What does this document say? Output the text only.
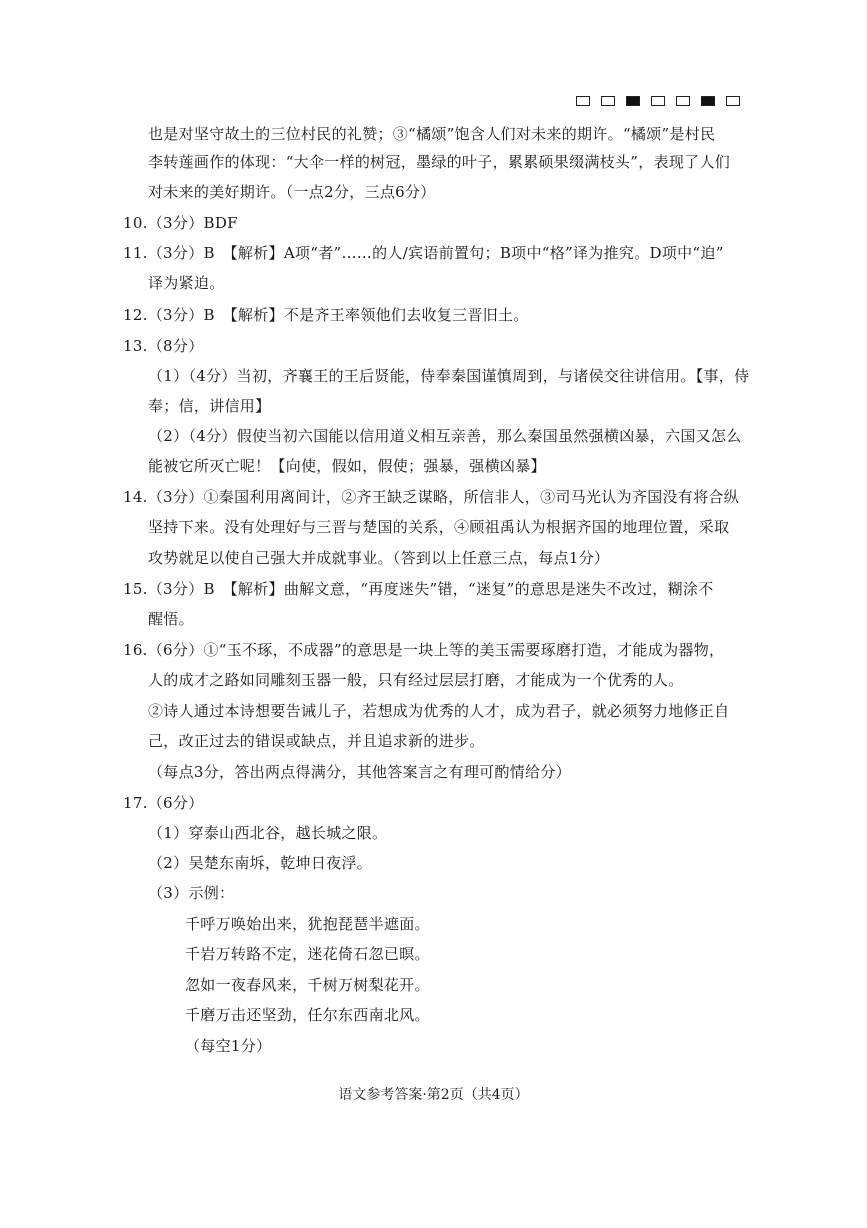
也是对坚守故土的三位村民的礼赞；③“橘颂”饱含人们对未来的期许。“橘颂”是村民
李转莲画作的体现：“大伞一样的树冠，墨绿的叶子，累累硕果缀满枝头”，表现了人们
对未来的美好期许。（一点2分，三点6分）
10.（3分）BDF
11.（3分）B　【解析】A项“者”……的人/宾语前置句；B项中“格”译为推究。D项中“迫”
译为紧迫。
12.（3分）B　【解析】不是齐王率领他们去收复三晋旧土。
13.（8分）
（1）（4分）当初，齐襄王的王后贤能，侍奉秦国谨慎周到，与诸侯交往讲信用。【事，侍
奉；信，讲信用】
（2）（4分）假使当初六国能以信用道义相互亲善，那么秦国虽然强横凶暴，六国又怎么
能被它所灭亡呢！【向使，假如，假使；强暴，强横凶暴】
14.（3分）①秦国利用离间计，②齐王缺乏谋略，所信非人，③司马光认为齐国没有将合纵
坚持下来。没有处理好与三晋与楚国的关系，④顾祖禹认为根据齐国的地理位置，采取
攻势就足以使自己强大并成就事业。（答到以上任意三点，每点1分）
15.（3分）B　【解析】曲解文意，“再度迷失”错，“迷复”的意思是迷失不改过，糊涂不
醒悟。
16.（6分）①“玉不琢，不成器”的意思是一块上等的美玉需要琢磨打造，才能成为器物，
人的成才之路如同雕刻玉器一般，只有经过层层打磨，才能成为一个优秀的人。
②诗人通过本诗想要告诫儿子，若想成为优秀的人才，成为君子，就必须努力地修正自
己，改正过去的错误或缺点，并且追求新的进步。
（每点3分，答出两点得满分，其他答案言之有理可酌情给分）
17.（6分）
（1）穿泰山西北谷，越长城之限。
（2）吴楚东南坼，乾坤日夜浮。
（3）示例：
千呼万唤始出来，犹抱琵琶半遮面。
千岩万转路不定，迷花倚石忽已暝。
忽如一夜春风来，千树万树梨花开。
千磨万击还坚劲，任尔东西南北风。
（每空1分）
语文参考答案·第2页（共4页）
